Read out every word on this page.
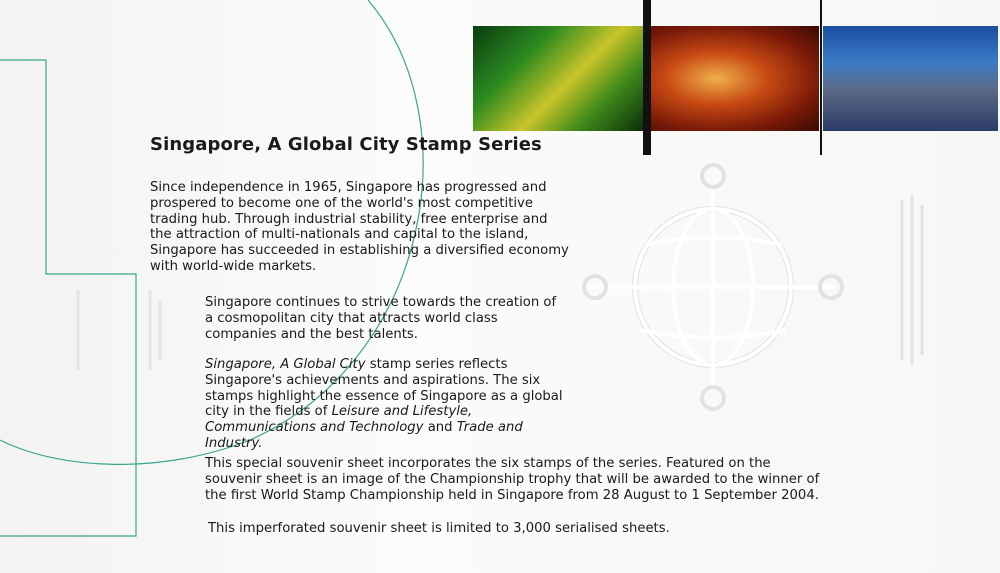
Singapore, A Global City Stamp Series

Since independence in 1965, Singapore has progressed and prospered to become one of the world's most competitive trading hub. Through industrial stability, free enterprise and the attraction of multi-nationals and capital to the island, Singapore has succeeded in establishing a diversified economy with world-wide markets.

Singapore continues to strive towards the creation of a cosmopolitan city that attracts world class companies and the best talents.

Singapore, A Global City stamp series reflects Singapore's achievements and aspirations. The six stamps highlight the essence of Singapore as a global city in the fields of Leisure and Lifestyle, Communications and Technology and Trade and Industry.

This special souvenir sheet incorporates the six stamps of the series. Featured on the souvenir sheet is an image of the Championship trophy that will be awarded to the winner of the first World Stamp Championship held in Singapore from 28 August to 1 September 2004.

This imperforated souvenir sheet is limited to 3,000 serialised sheets.
